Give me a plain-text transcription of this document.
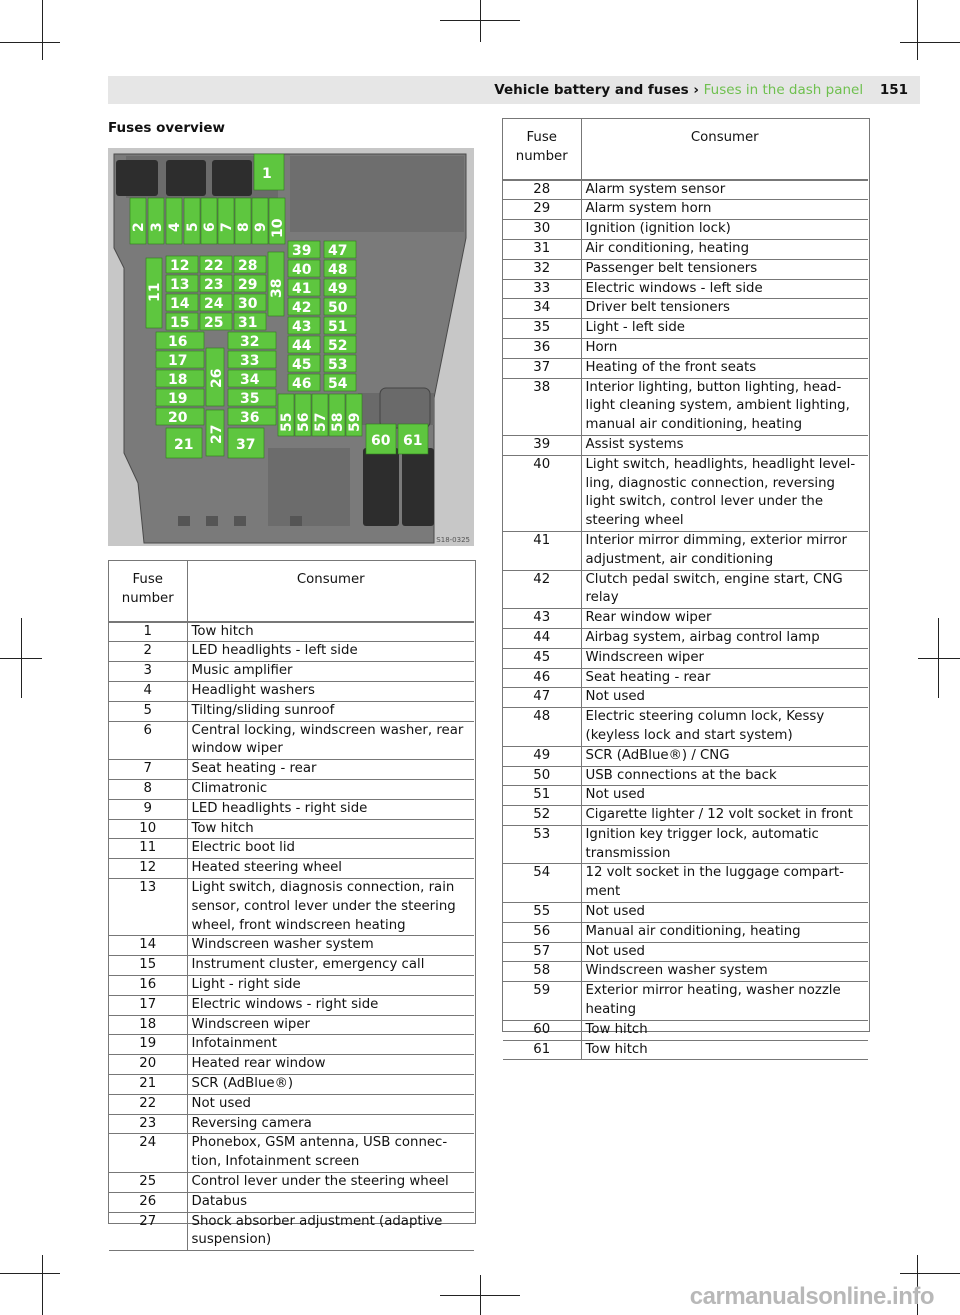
Vehicle battery and fuses › Fuses in the dash panel 151
Fuses overview
1
2 3 4 5 6 7 8 9 10
11
12
13
14
15
22
23
24
25
28
29
30
31
38
16
17
18
19
20
26
27
32
33
34
35
36
21	37
39
40
41
42
43
44
45
46
47
48
49
50
51
52
53
54
55 56 57 58 59
60 61
S18-0325
Fuse
number	Consumer
1	Tow hitch
2	LED headlights - left side
3	Music amplifier
4	Headlight washers
5	Tilting/sliding sunroof
6	Central locking, windscreen washer, rear window wiper
7	Seat heating - rear
8	Climatronic
9	LED headlights - right side
10	Tow hitch
11	Electric boot lid
12	Heated steering wheel
13	Light switch, diagnosis connection, rain sensor, control lever under the steering wheel, front windscreen heating
14	Windscreen washer system
15	Instrument cluster, emergency call
16	Light - right side
17	Electric windows - right side
18	Windscreen wiper
19	Infotainment
20	Heated rear window
21	SCR (AdBlue®)
22	Not used
23	Reversing camera
24	Phonebox, GSM antenna, USB connec-tion, Infotainment screen
25	Control lever under the steering wheel
26	Databus
27	Shock absorber adjustment (adaptive suspension)
Fuse
number	Consumer
28	Alarm system sensor
29	Alarm system horn
30	Ignition (ignition lock)
31	Air conditioning, heating
32	Passenger belt tensioners
33	Electric windows - left side
34	Driver belt tensioners
35	Light - left side
36	Horn
37	Heating of the front seats
38	Interior lighting, button lighting, head-light cleaning system, ambient lighting, manual air conditioning, heating
39	Assist systems
40	Light switch, headlights, headlight level-ling, diagnostic connection, reversing light switch, control lever under the steering wheel
41	Interior mirror dimming, exterior mirror adjustment, air conditioning
42	Clutch pedal switch, engine start, CNG relay
43	Rear window wiper
44	Airbag system, airbag control lamp
45	Windscreen wiper
46	Seat heating - rear
47	Not used
48	Electric steering column lock, Kessy (keyless lock and start system)
49	SCR (AdBlue®) / CNG
50	USB connections at the back
51	Not used
52	Cigarette lighter / 12 volt socket in front
53	Ignition key trigger lock, automatic transmission
54	12 volt socket in the luggage compart-ment
55	Not used
56	Manual air conditioning, heating
57	Not used
58	Windscreen washer system
59	Exterior mirror heating, washer nozzle heating
60	Tow hitch
61	Tow hitch
carmanualsonline.info
